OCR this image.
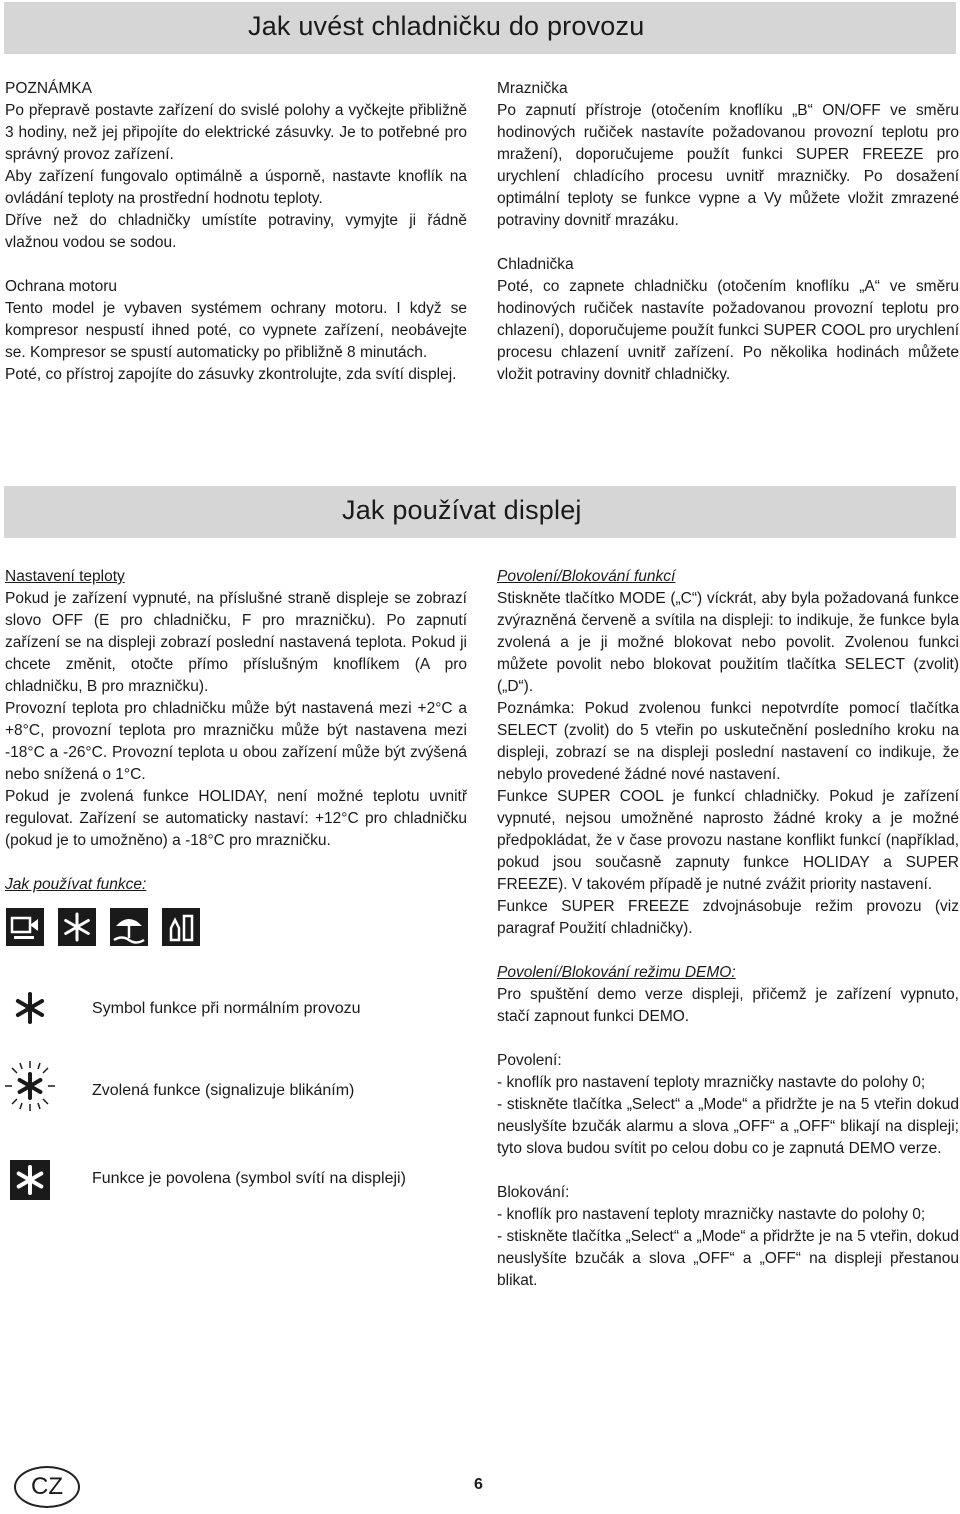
Jak uvést chladničku do provozu

POZNÁMKA

Po přepravě postavte zařízení do svislé polohy a vyčkejte přibližně 3 hodiny, než jej připojíte do elektrické zásuvky. Je to potřebné pro správný provoz zařízení.

Aby zařízení fungovalo optimálně a úsporně, nastavte knoflík na ovládání teploty na prostřední hodnotu teploty.

Dříve než do chladničky umístíte potraviny, vymyjte ji řádně vlažnou vodou se sodou.

Ochrana motoru

Tento model je vybaven systémem ochrany motoru. I když se kompresor nespustí ihned poté, co vypnete zařízení, neobávejte se. Kompresor se spustí automaticky po přibližně 8 minutách.

Poté, co přístroj zapojíte do zásuvky zkontrolujte, zda svítí displej.

Mraznička

Po zapnutí přístroje (otočením knoflíku „B“ ON/OFF ve směru hodinových ručiček nastavíte požadovanou provozní teplotu pro mražení), doporučujeme použít funkci SUPER FREEZE pro urychlení chladícího procesu uvnitř mrazničky. Po dosažení optimální teploty se funkce vypne a Vy můžete vložit zmrazené potraviny dovnitř mrazáku.

Chladnička

Poté, co zapnete chladničku (otočením knoflíku „A“ ve směru hodinových ručiček nastavíte požadovanou provozní teplotu pro chlazení), doporučujeme použít funkci SUPER COOL pro urychlení procesu chlazení uvnitř zařízení. Po několika hodinách můžete vložit potraviny dovnitř chladničky.

Jak používat displej

Nastavení teploty

Pokud je zařízení vypnuté, na příslušné straně displeje se zobrazí slovo OFF (E pro chladničku, F pro mrazničku). Po zapnutí zařízení se na displeji zobrazí poslední nastavená teplota. Pokud ji chcete změnit, otočte přímo příslušným knoflíkem (A pro chladničku, B pro mrazničku).

Provozní teplota pro chladničku může být nastavená mezi +2°C a +8°C, provozní teplota pro mrazničku může být nastavena mezi -18°C a -26°C. Provozní teplota u obou zařízení může být zvýšená nebo snížená o 1°C.

Pokud je zvolená funkce HOLIDAY, není možné teplotu uvnitř regulovat. Zařízení se automaticky nastaví: +12°C pro chladničku (pokud je to umožněno) a -18°C pro mrazničku.

Jak používat funkce:

Symbol funkce při normálním provozu
Zvolená funkce (signalizuje blikáním)
Funkce je povolena (symbol svítí na displeji)

Povolení/Blokování funkcí

Stiskněte tlačítko MODE („C“) víckrát, aby byla požadovaná funkce zvýrazněná červeně a svítila na displeji: to indikuje, že funkce byla zvolená a je ji možné blokovat nebo povolit. Zvolenou funkci můžete povolit nebo blokovat použitím tlačítka SELECT (zvolit) („D“).

Poznámka: Pokud zvolenou funkci nepotvrdíte pomocí tlačítka SELECT (zvolit) do 5 vteřin po uskutečnění posledního kroku na displeji, zobrazí se na displeji poslední nastavení co indikuje, že nebylo provedené žádné nové nastavení.

Funkce SUPER COOL je funkcí chladničky. Pokud je zařízení vypnuté, nejsou umožněné naprosto žádné kroky a je možné předpokládat, že v čase provozu nastane konflikt funkcí (například, pokud jsou současně zapnuty funkce HOLIDAY a SUPER FREEZE). V takovém případě je nutné zvážit priority nastavení.

Funkce SUPER FREEZE zdvojnásobuje režim provozu (viz paragraf Použití chladničky).

Povolení/Blokování režimu DEMO:

Pro spuštění demo verze displeji, přičemž je zařízení vypnuto, stačí zapnout funkci DEMO.

Povolení:

- knoflík pro nastavení teploty mrazničky nastavte do polohy 0;

- stiskněte tlačítka „Select“ a „Mode“ a přidržte je na 5 vteřin dokud neuslyšíte bzučák alarmu a slova „OFF“ a „OFF“ blikají na displeji; tyto slova budou svítit po celou dobu co je zapnutá DEMO verze.

Blokování:

- knoflík pro nastavení teploty mrazničky nastavte do polohy 0;

- stiskněte tlačítka „Select“ a „Mode“ a přidržte je na 5 vteřin, dokud neuslyšíte bzučák a slova „OFF“ a „OFF“ na displeji přestanou blikat.

CZ	6
